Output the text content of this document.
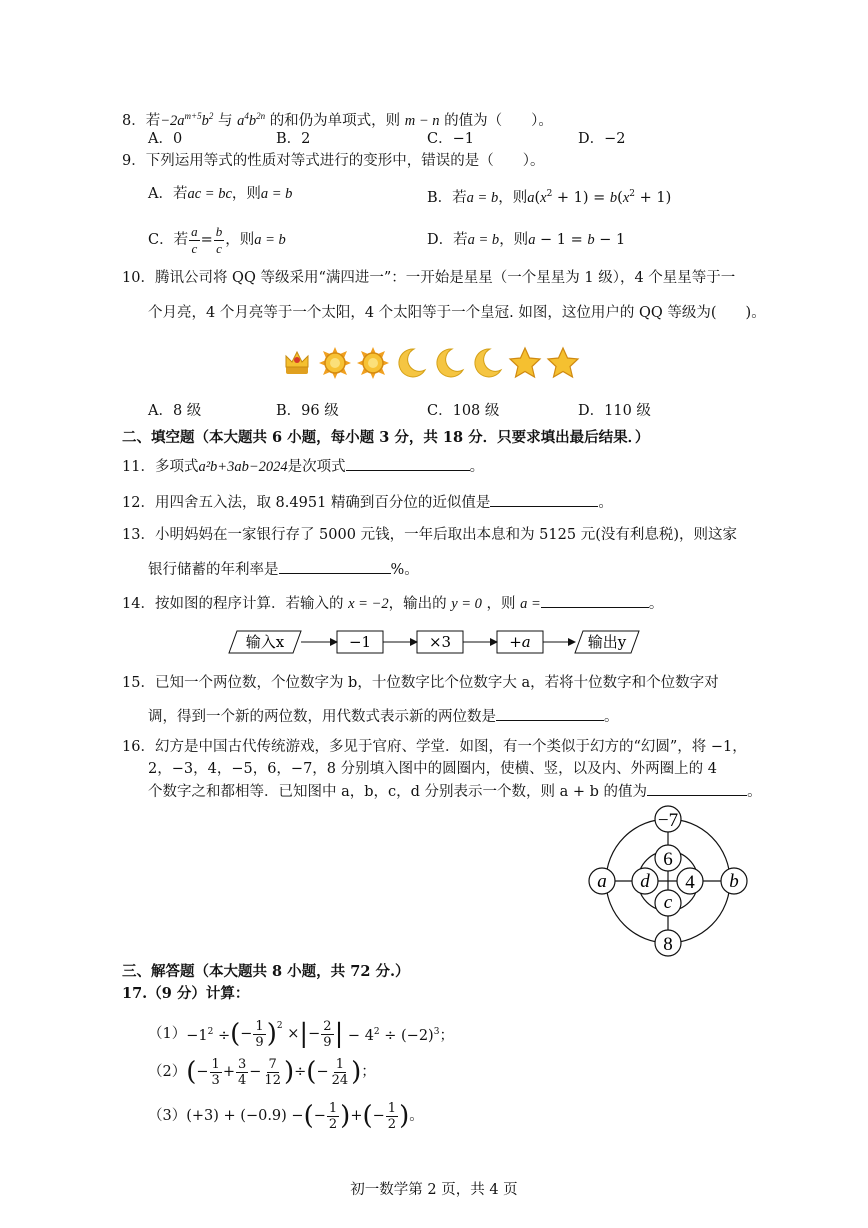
8．若$-2a^{m+5}b^2$ 与 $a^4b^{2n}$ 的和仍为单项式，则 m − n 的值为（　　）。
A．0	B．2	C．−1	D．−2
9．下列运用等式的性质对等式进行的变形中，错误的是（　　）。
A．若ac = bc，则a = b	B．若a = b，则$a(x^2 + 1) = b(x^2 + 1)$
C．若 $\frac{a}{c} = \frac{b}{c}$ ，则 a = b	D．若a = b，则a − 1 = b − 1
10．腾讯公司将 QQ 等级采用“满四进一”：一开始是星星（一个星星为 1 级），4 个星星等于一
个月亮，4 个月亮等于一个太阳，4 个太阳等于一个皇冠. 如图，这位用户的 QQ 等级为(　　)。
A．8 级	B．96 级	C．108 级	D．110 级
二、填空题（本大题共 6 小题，每小题 3 分，共 18 分．只要求填出最后结果．）
11．多项式a²b+3ab−2024是次项式	。
12．用四舍五入法，取 8.4951 精确到百分位的近似值是	。
13．小明妈妈在一家银行存了 5000 元钱，一年后取出本息和为 5125 元(没有利息税)，则这家
银行储蓄的年利率是	%。
14．按如图的程序计算．若输入的 x = −2，输出的 y = 0 ，则 a =	。
输入x	−1	×3	+a	输出y
15．已知一个两位数，个位数字为 b，十位数字比个位数字大 a，若将十位数字和个位数字对
调，得到一个新的两位数，用代数式表示新的两位数是	。
16．幻方是中国古代传统游戏，多见于官府、学堂．如图，有一个类似于幻方的“幻圆”，将 −1，
2，−3，4，−5，6，−7，8 分别填入图中的圆圈内，使横、竖，以及内、外两圈上的 4
个数字之和都相等．已知图中 a，b，c，d 分别表示一个数，则 a + b 的值为	。
−7
6
a d 4 b
c
8
三、解答题（本大题共 8 小题，共 72 分.）
17.（9 分）计算：
$(1) -1^2$ ÷ ( − $\frac{1}{9} )^2$ × | − $\frac{2}{9}$ | − $4^2 \div (-2)^3$；
（2） ( − $\frac{1}{3} + \frac{3}{4} - \frac{7}{12}$ ) ÷ ( − $\frac{1}{24}$ ) ；
（3） (+3) + (−0.9) − ( − $\frac{1}{2}$ ) + ( − $\frac{1}{2}$ ) 。
初一数学第 2 页，共 4 页
